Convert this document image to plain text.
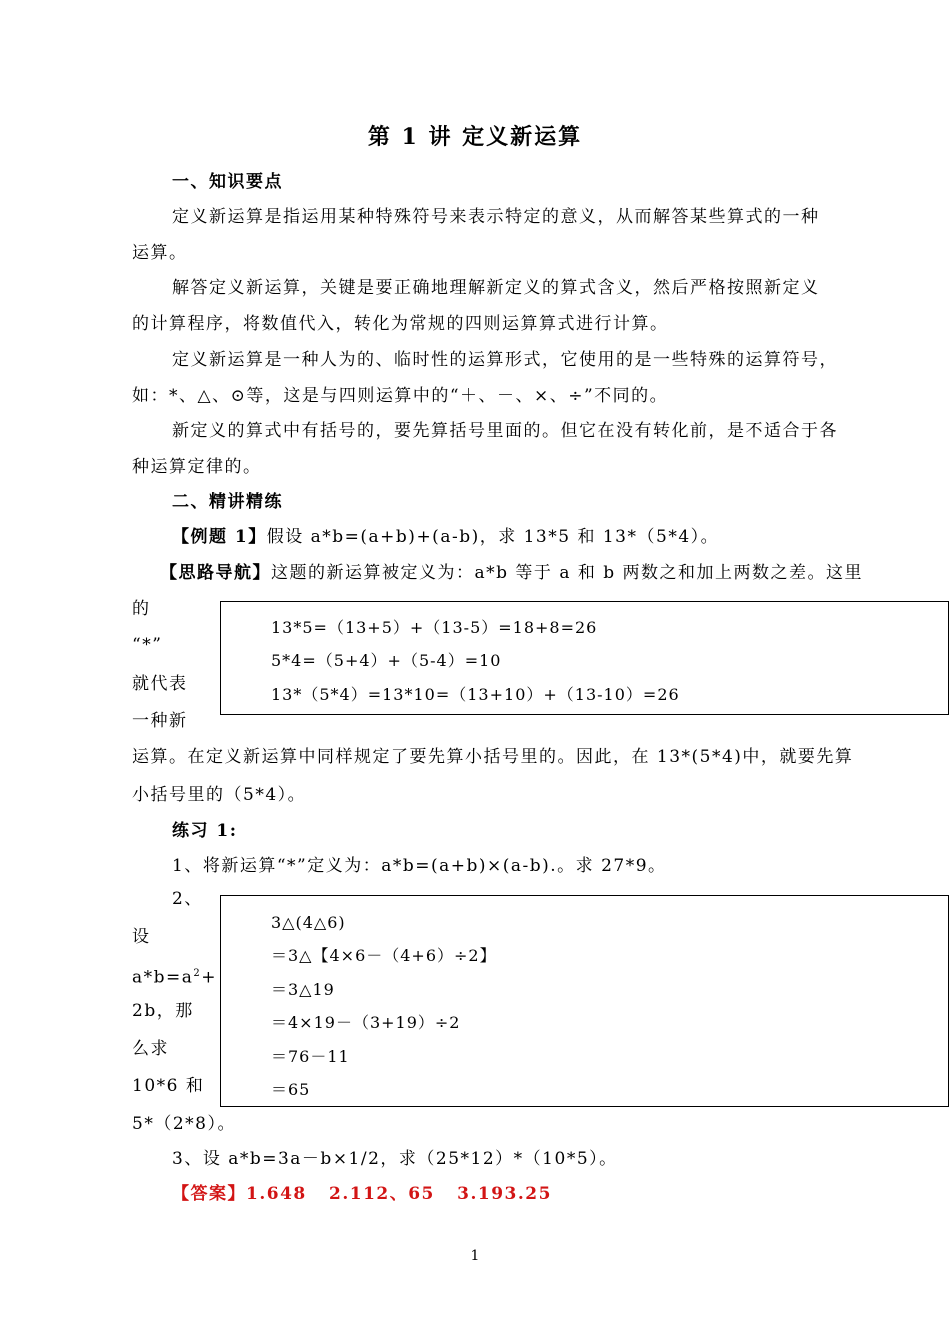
第 1 讲 定义新运算
一、知识要点
定义新运算是指运用某种特殊符号来表示特定的意义，从而解答某些算式的一种
运算。
解答定义新运算，关键是要正确地理解新定义的算式含义，然后严格按照新定义
的计算程序，将数值代入，转化为常规的四则运算算式进行计算。
定义新运算是一种人为的、临时性的运算形式，它使用的是一些特殊的运算符号，
如：*、△、⊙等，这是与四则运算中的“＋、－、×、÷”不同的。
新定义的算式中有括号的，要先算括号里面的。但它在没有转化前，是不适合于各
种运算定律的。
二、精讲精练
【例题 1】假设 a*b=(a+b)+(a-b)，求 13*5 和 13*（5*4）。
【思路导航】这题的新运算被定义为：a*b 等于 a 和 b 两数之和加上两数之差。这里
的
“*”
就代表
一种新
13*5=（13+5）+（13-5）=18+8=26
5*4=（5+4）+（5-4）=10
13*（5*4）=13*10=（13+10）+（13-10）=26
运算。在定义新运算中同样规定了要先算小括号里的。因此，在 13*(5*4)中，就要先算
小括号里的（5*4）。
练习 1:
1、将新运算“*”定义为：a*b=(a+b)×(a-b).。求 27*9。
2、
设
$a*b=a^2+$
2b，那
么求
10*6 和
5*（2*8）。
3△(4△6)
＝3△【4×6－（4+6）÷2】
＝3△19
＝4×19－（3+19）÷2
＝76－11
＝65
3、设 a*b=3a－b×1/2，求（25*12）*（10*5）。
【答案】1.648   2.112、65   3.193.25
1
